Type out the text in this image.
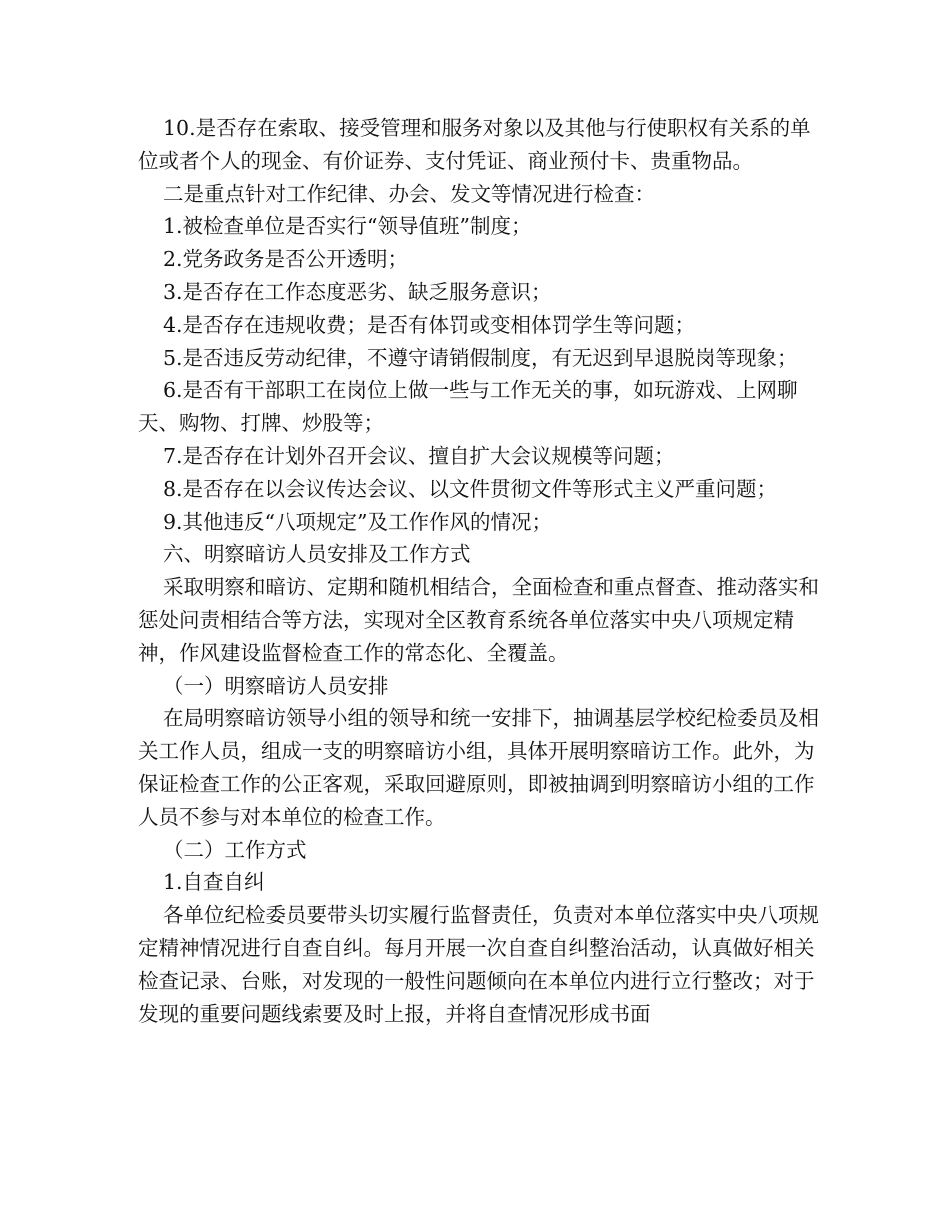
10.是否存在索取、接受管理和服务对象以及其他与行使职权有关系的单位或者个人的现金、有价证券、支付凭证、商业预付卡、贵重物品。

二是重点针对工作纪律、办会、发文等情况进行检查：

1.被检查单位是否实行“领导值班”制度；

2.党务政务是否公开透明；

3.是否存在工作态度恶劣、缺乏服务意识；

4.是否存在违规收费；是否有体罚或变相体罚学生等问题；

5.是否违反劳动纪律，不遵守请销假制度，有无迟到早退脱岗等现象；

6.是否有干部职工在岗位上做一些与工作无关的事，如玩游戏、上网聊天、购物、打牌、炒股等；

7.是否存在计划外召开会议、擅自扩大会议规模等问题；

8.是否存在以会议传达会议、以文件贯彻文件等形式主义严重问题；

9.其他违反“八项规定”及工作作风的情况；

六、明察暗访人员安排及工作方式

采取明察和暗访、定期和随机相结合，全面检查和重点督查、推动落实和惩处问责相结合等方法，实现对全区教育系统各单位落实中央八项规定精神，作风建设监督检查工作的常态化、全覆盖。

（一）明察暗访人员安排

在局明察暗访领导小组的领导和统一安排下，抽调基层学校纪检委员及相关工作人员，组成一支的明察暗访小组，具体开展明察暗访工作。此外，为保证检查工作的公正客观，采取回避原则，即被抽调到明察暗访小组的工作人员不参与对本单位的检查工作。

（二）工作方式

1.自查自纠

各单位纪检委员要带头切实履行监督责任，负责对本单位落实中央八项规定精神情况进行自查自纠。每月开展一次自查自纠整治活动，认真做好相关检查记录、台账，对发现的一般性问题倾向在本单位内进行立行整改；对于发现的重要问题线索要及时上报，并将自查情况形成书面
